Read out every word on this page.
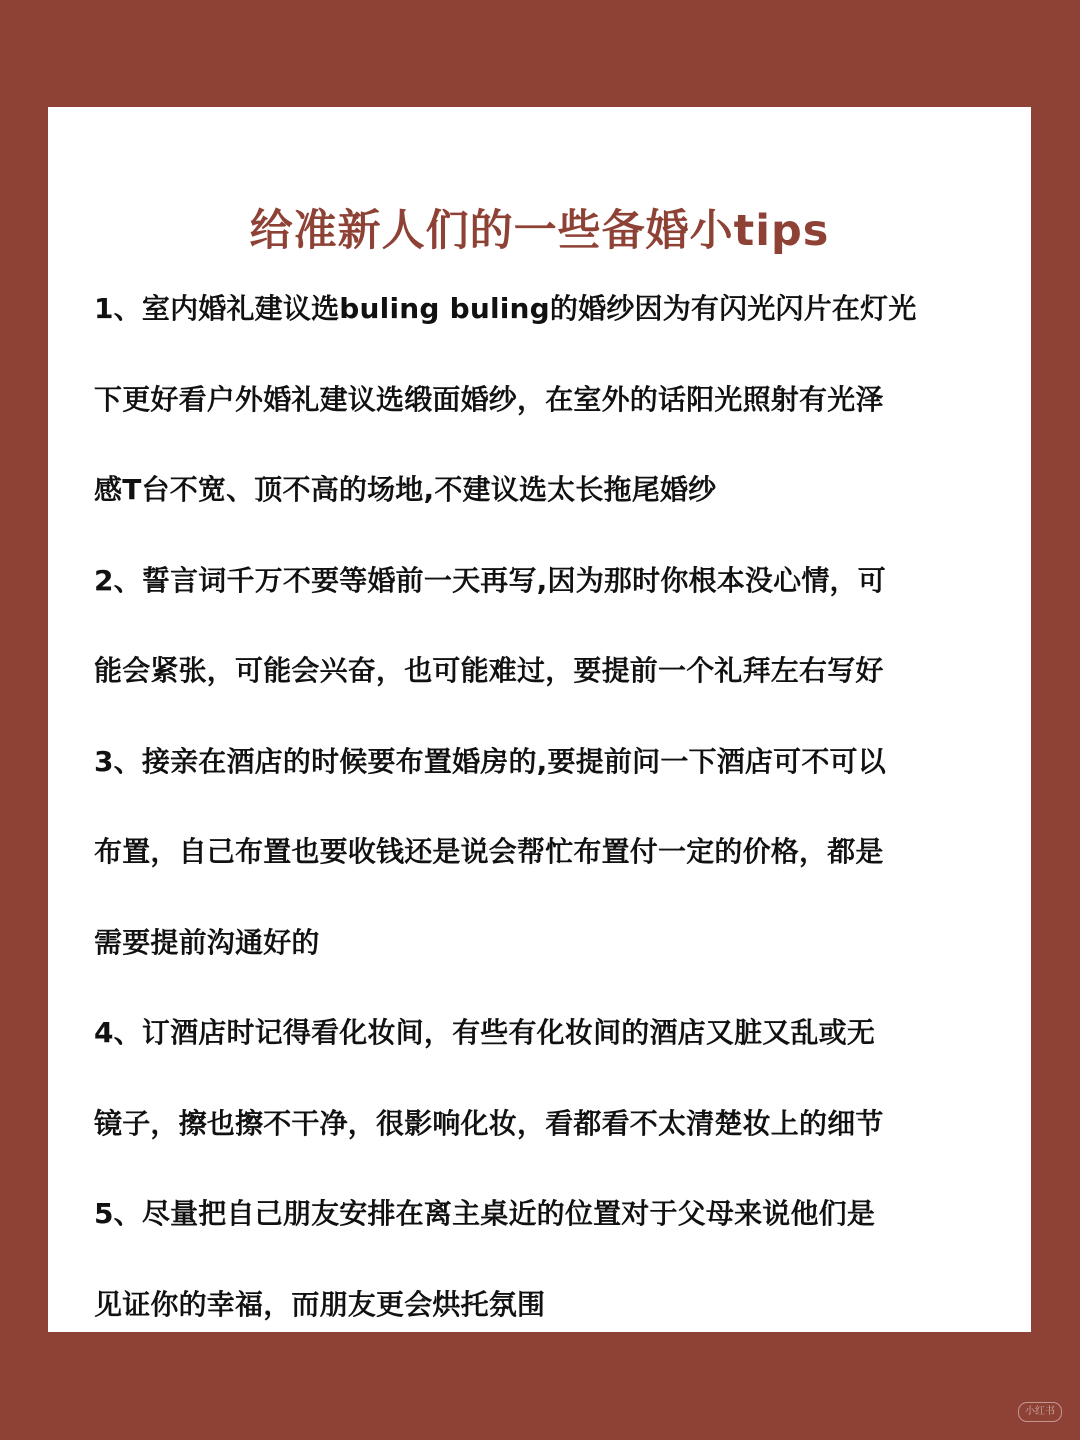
给准新人们的一些备婚小tips
1、室内婚礼建议选buling buling的婚纱因为有闪光闪片在灯光
下更好看户外婚礼建议选缎面婚纱，在室外的话阳光照射有光泽
感T台不宽、顶不高的场地,不建议选太长拖尾婚纱
2、誓言词千万不要等婚前一天再写,因为那时你根本没心情，可
能会紧张，可能会兴奋，也可能难过，要提前一个礼拜左右写好
3、接亲在酒店的时候要布置婚房的,要提前问一下酒店可不可以
布置，自己布置也要收钱还是说会帮忙布置付一定的价格，都是
需要提前沟通好的
4、订酒店时记得看化妆间，有些有化妆间的酒店又脏又乱或无
镜子，擦也擦不干净，很影响化妆，看都看不太清楚妆上的细节
5、尽量把自己朋友安排在离主桌近的位置对于父母来说他们是
见证你的幸福，而朋友更会烘托氛围
小红书
